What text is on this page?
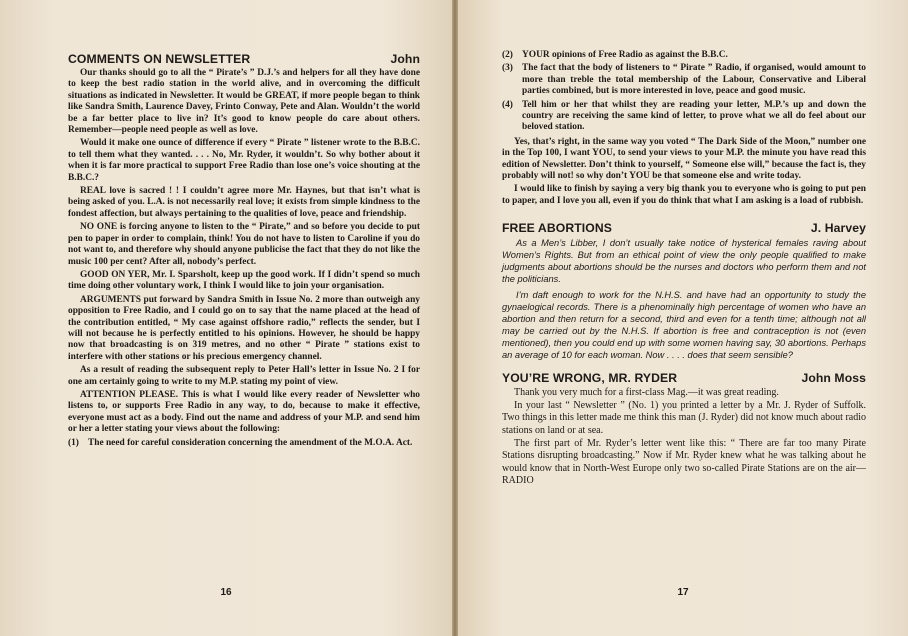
COMMENTS ON NEWSLETTER	John

Our thanks should go to all the “ Pirate’s ” D.J.’s and helpers for all they have done to keep the best radio station in the world alive, and in overcoming the difficult situations as indicated in Newsletter. It would be GREAT, if more people began to think like Sandra Smith, Laurence Davey, Frinto Conway, Pete and Alan. Wouldn’t the world be a far better place to live in? It’s good to know people do care about others. Remember—people need people as well as love.

Would it make one ounce of difference if every “ Pirate ” listener wrote to the B.B.C. to tell them what they wanted. . . . No, Mr. Ryder, it wouldn’t. So why bother about it when it is far more practical to support Free Radio than lose one’s voice shouting at the B.B.C.?

REAL love is sacred ! ! I couldn’t agree more Mr. Haynes, but that isn’t what is being asked of you. L.A. is not necessarily real love; it exists from simple kindness to the fondest affection, but always pertaining to the qualities of love, peace and friendship.

NO ONE is forcing anyone to listen to the “ Pirate,” and so before you decide to put pen to paper in order to complain, think! You do not have to listen to Caroline if you do not want to, and therefore why should anyone publicise the fact that they do not like the music 100 per cent? After all, nobody’s perfect.

GOOD ON YER, Mr. I. Sparsholt, keep up the good work. If I didn’t spend so much time doing other voluntary work, I think I would like to join your organisation.

ARGUMENTS put forward by Sandra Smith in Issue No. 2 more than outweigh any opposition to Free Radio, and I could go on to say that the name placed at the head of the contribution entitled, “ My case against offshore radio,” reflects the sender, but I will not because he is perfectly entitled to his opinions. However, he should be happy now that broadcasting is on 319 metres, and no other “ Pirate ” stations exist to interfere with other stations or his precious emergency channel.

As a result of reading the subsequent reply to Peter Hall’s letter in Issue No. 2 I for one am certainly going to write to my M.P. stating my point of view.

ATTENTION PLEASE. This is what I would like every reader of Newsletter who listens to, or supports Free Radio in any way, to do, because to make it effective, everyone must act as a body. Find out the name and address of your M.P. and send him or her a letter stating your views about the following:

(1) The need for careful consideration concerning the amendment of the M.O.A. Act.
16
(2) YOUR opinions of Free Radio as against the B.B.C.
(3) The fact that the body of listeners to “ Pirate ” Radio, if organised, would amount to more than treble the total membership of the Labour, Conservative and Liberal parties combined, but is more interested in love, peace and good music.
(4) Tell him or her that whilst they are reading your letter, M.P.’s up and down the country are receiving the same kind of letter, to prove what we all do feel about our beloved station.

Yes, that’s right, in the same way you voted “ The Dark Side of the Moon,” number one in the Top 100, I want YOU, to send your views to your M.P. the minute you have read this edition of Newsletter. Don’t think to yourself, “ Someone else will,” because the fact is, they probably will not! so why don’t YOU be that someone else and write today.

I would like to finish by saying a very big thank you to everyone who is going to put pen to paper, and I love you all, even if you do think that what I am asking is a load of rubbish.

FREE ABORTIONS	J. Harvey

As a Men’s Libber, I don’t usually take notice of hysterical females raving about Women’s Rights. But from an ethical point of view the only people qualified to make judgments about abortions should be the nurses and doctors who perform them and not the politicians.

I’m daft enough to work for the N.H.S. and have had an opportunity to study the gynaelogical records. There is a phenominally high percentage of women who have an abortion and then return for a second, third and even for a tenth time; although not all may be carried out by the N.H.S. If abortion is free and contraception is not (even mentioned), then you could end up with some women having say, 30 abortions. Perhaps an average of 10 for each woman. Now . . . . does that seem sensible?

YOU’RE WRONG, MR. RYDER	John Moss

Thank you very much for a first-class Mag.—it was great reading.

In your last “ Newsletter ” (No. 1) you printed a letter by a Mr. J. Ryder of Suffolk. Two things in this letter made me think this man (J. Ryder) did not know much about radio stations on land or at sea.

The first part of Mr. Ryder’s letter went like this: “ There are far too many Pirate Stations disrupting broadcasting.” Now if Mr. Ryder knew what he was talking about he would know that in North-West Europe only two so-called Pirate Stations are on the air—RADIO

17
